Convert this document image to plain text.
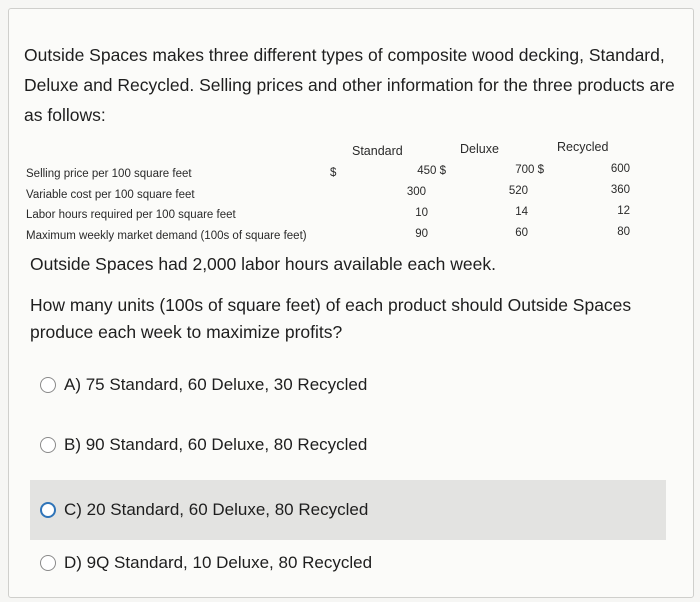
Outside Spaces makes three different types of composite wood decking, Standard, Deluxe and Recycled. Selling prices and other information for the three products are as follows:

Standard	Deluxe	Recycled
$
Selling price per 100 square feet	450 $	700 $	600
Variable cost per 100 square feet	300	520	360
Labor hours required per 100 square feet	10	14	12
Maximum weekly market demand (100s of square feet)	90	60	80

Outside Spaces had 2,000 labor hours available each week.

How many units (100s of square feet) of each product should Outside Spaces produce each week to maximize profits?

A) 75 Standard, 60 Deluxe, 30 Recycled
B) 90 Standard, 60 Deluxe, 80 Recycled
C) 20 Standard, 60 Deluxe, 80 Recycled
D) 9Q Standard, 10 Deluxe, 80 Recycled
